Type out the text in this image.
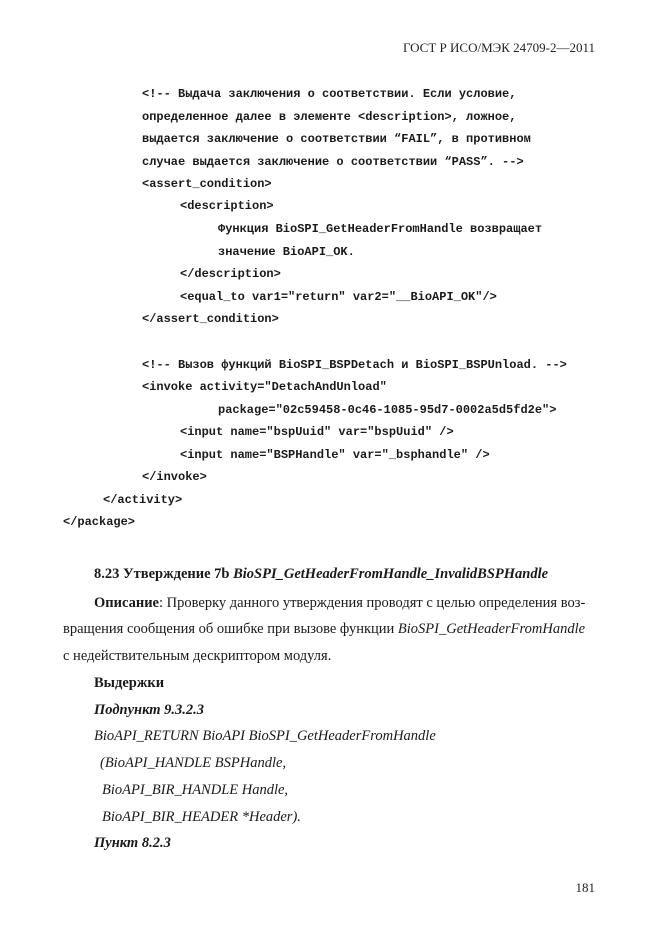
ГОСТ Р ИСО/МЭК 24709-2—2011
<!-- Выдача заключения о соответствии. Если условие,
определенное далее в элементе <description>, ложное,
выдается заключение о соответствии “FAIL”, в противном
случае выдается заключение о соответствии “PASS”. -->
<assert_condition>
<description>
Функция BioSPI_GetHeaderFromHandle возвращает
значение BioAPI_OK.
</description>
<equal_to var1="return" var2="__BioAPI_OK"/>
</assert_condition>
<!-- Вызов функций BioSPI_BSPDetach и BioSPI_BSPUnload. -->
<invoke activity="DetachAndUnload"
package="02c59458-0c46-1085-95d7-0002a5d5fd2e">
<input name="bspUuid" var="bspUuid" />
<input name="BSPHandle" var="_bsphandle" />
</invoke>
</activity>
</package>
8.23 Утверждение 7b BioSPI_GetHeaderFromHandle_InvalidBSPHandle
Описание: Проверку данного утверждения проводят с целью определения воз-
вращения сообщения об ошибке при вызове функции BioSPI_GetHeaderFromHandle
с недействительным дескриптором модуля.
Выдержки
Подпункт 9.3.2.3
BioAPI_RETURN BioAPI BioSPI_GetHeaderFromHandle
(BioAPI_HANDLE BSPHandle,
BioAPI_BIR_HANDLE Handle,
BioAPI_BIR_HEADER *Header).
Пункт 8.2.3
181
